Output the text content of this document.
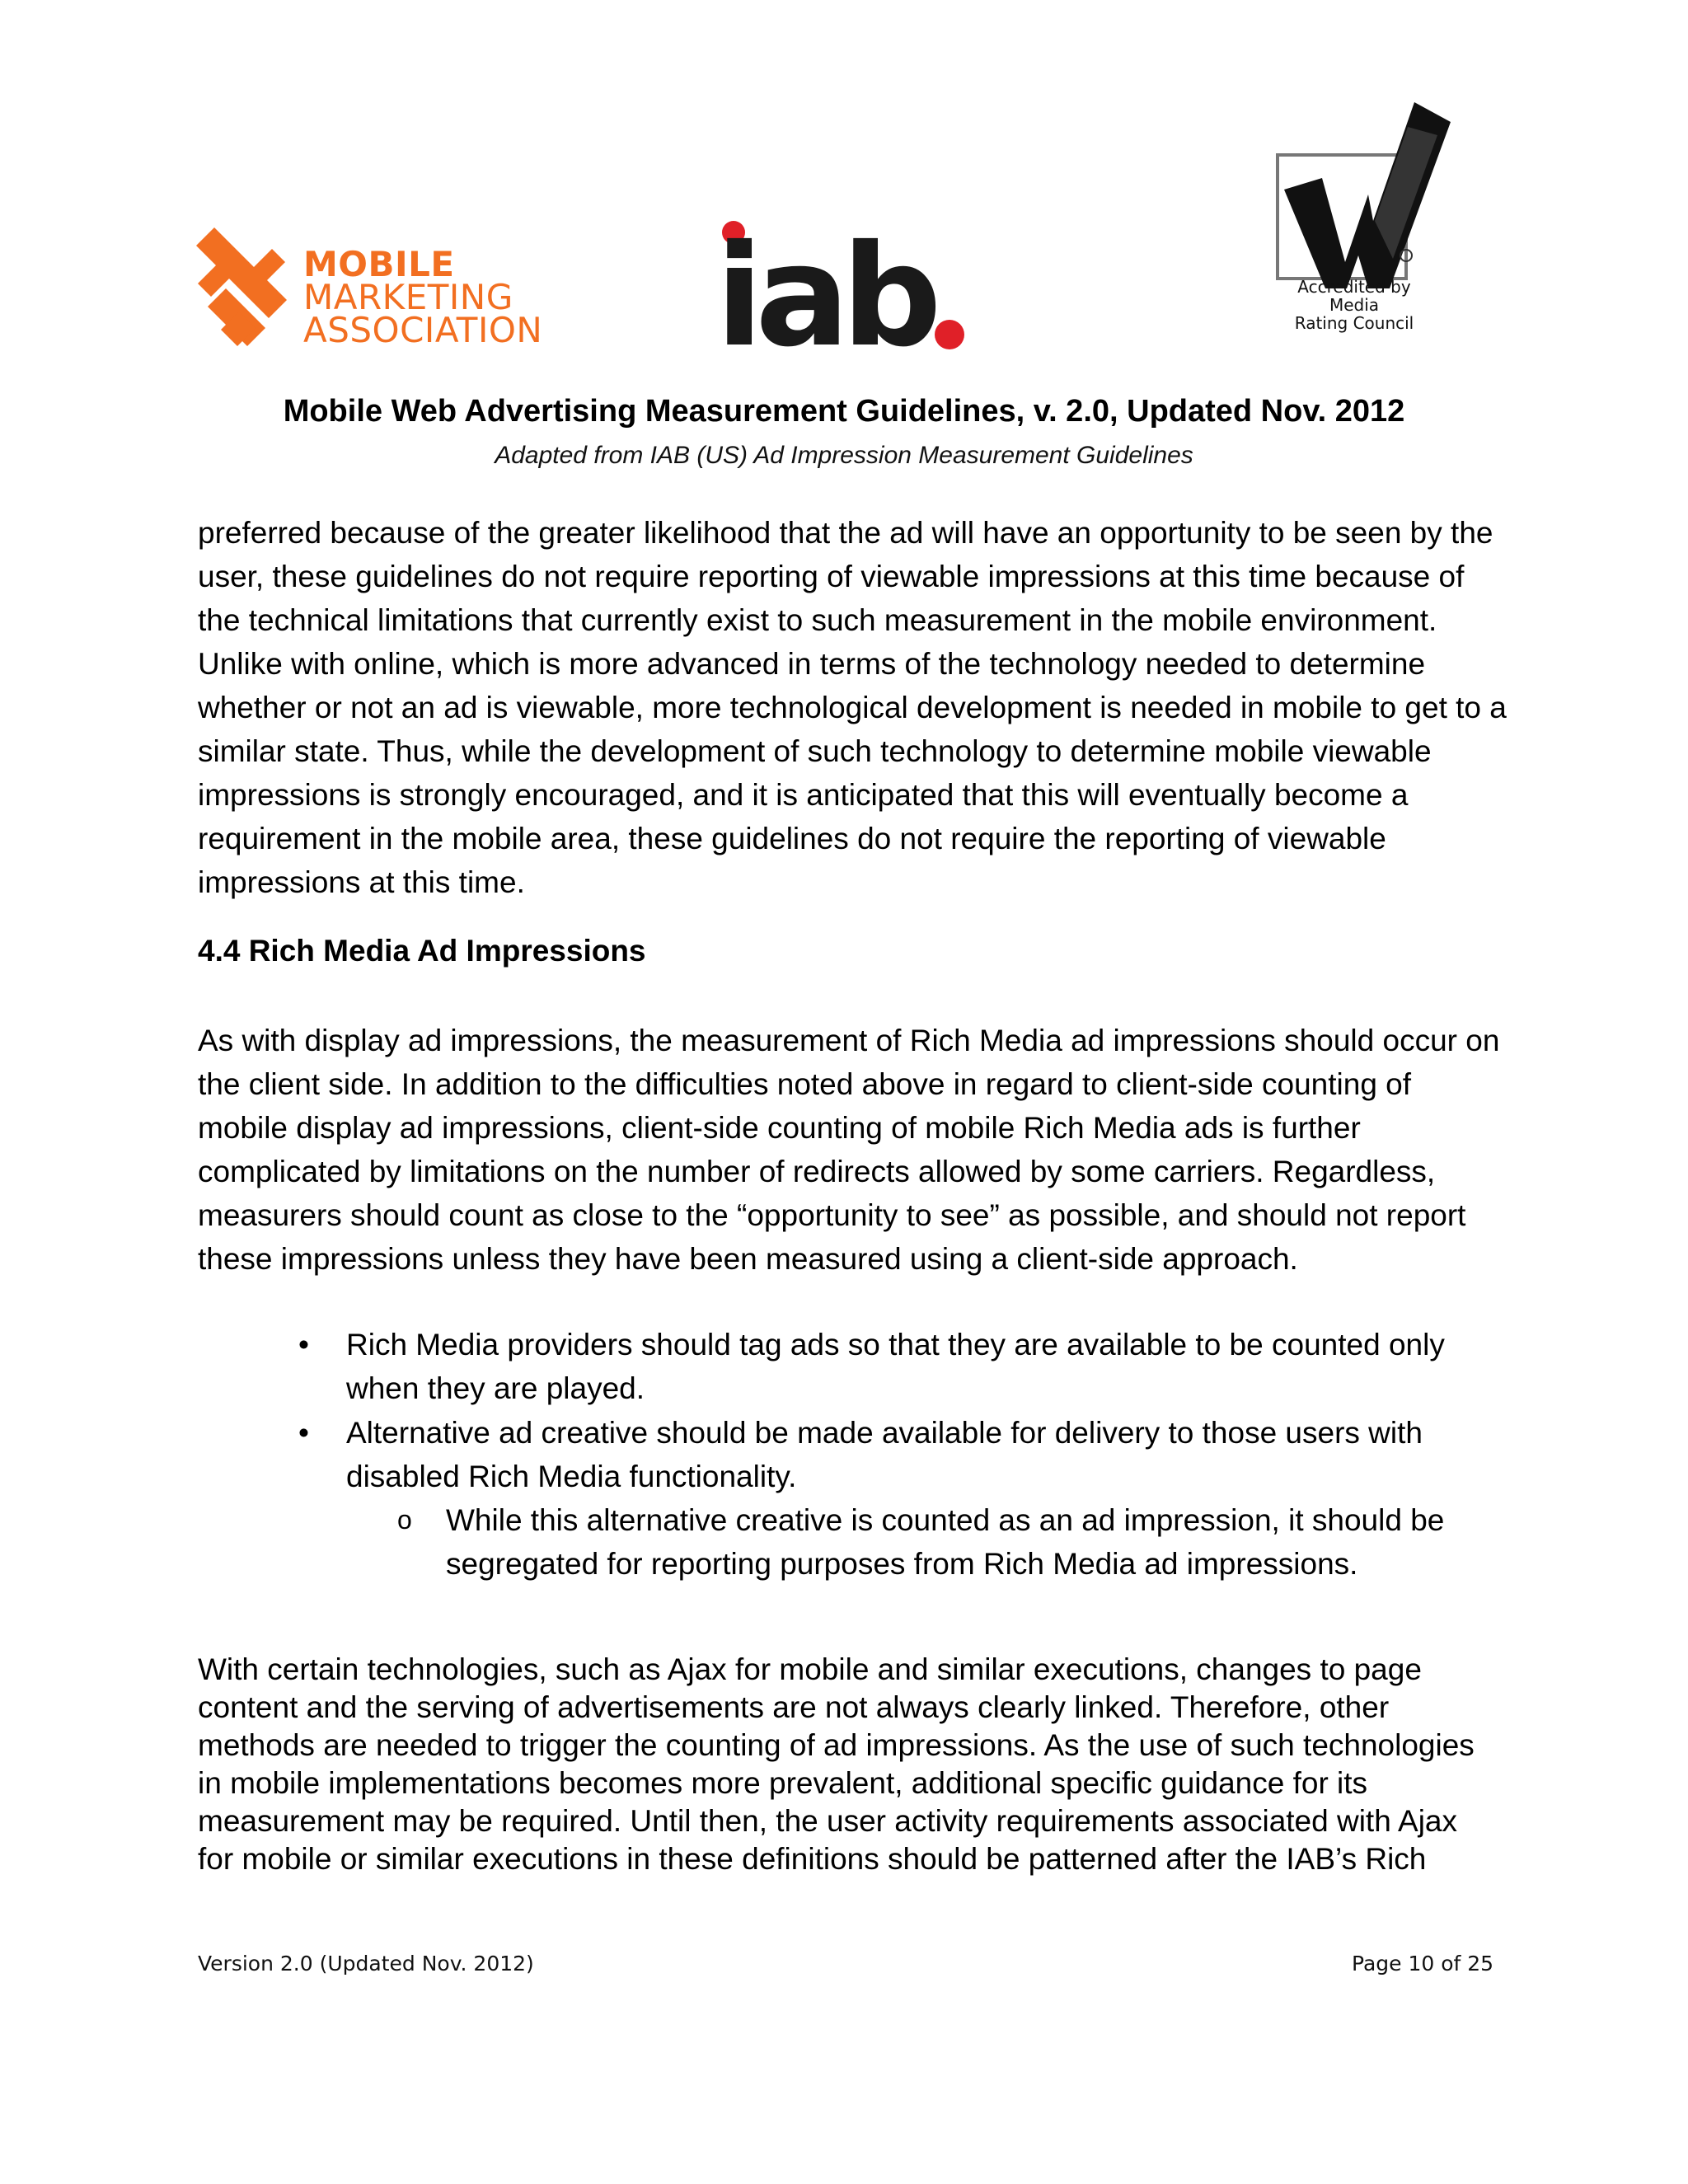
MOBILE
MARKETING
ASSOCIATION iab	Accredited by
Media
Rating Council
Mobile Web Advertising Measurement Guidelines, v. 2.0, Updated Nov. 2012
Adapted from IAB (US) Ad Impression Measurement Guidelines
preferred because of the greater likelihood that the ad will have an opportunity to be seen by the
user, these guidelines do not require reporting of viewable impressions at this time because of
the technical limitations that currently exist to such measurement in the mobile environment.
Unlike with online, which is more advanced in terms of the technology needed to determine
whether or not an ad is viewable, more technological development is needed in mobile to get to a
similar state. Thus, while the development of such technology to determine mobile viewable
impressions is strongly encouraged, and it is anticipated that this will eventually become a
requirement in the mobile area, these guidelines do not require the reporting of viewable
impressions at this time.
4.4 Rich Media Ad Impressions
As with display ad impressions, the measurement of Rich Media ad impressions should occur on
the client side. In addition to the difficulties noted above in regard to client-side counting of
mobile display ad impressions, client-side counting of mobile Rich Media ads is further
complicated by limitations on the number of redirects allowed by some carriers. Regardless,
measurers should count as close to the “opportunity to see” as possible, and should not report
these impressions unless they have been measured using a client-side approach.
• Rich Media providers should tag ads so that they are available to be counted only
when they are played.
• Alternative ad creative should be made available for delivery to those users with
disabled Rich Media functionality.
o While this alternative creative is counted as an ad impression, it should be
segregated for reporting purposes from Rich Media ad impressions.
With certain technologies, such as Ajax for mobile and similar executions, changes to page
content and the serving of advertisements are not always clearly linked. Therefore, other
methods are needed to trigger the counting of ad impressions. As the use of such technologies
in mobile implementations becomes more prevalent, additional specific guidance for its
measurement may be required. Until then, the user activity requirements associated with Ajax
for mobile or similar executions in these definitions should be patterned after the IAB’s Rich
Version 2.0 (Updated Nov. 2012)	Page 10 of 25
